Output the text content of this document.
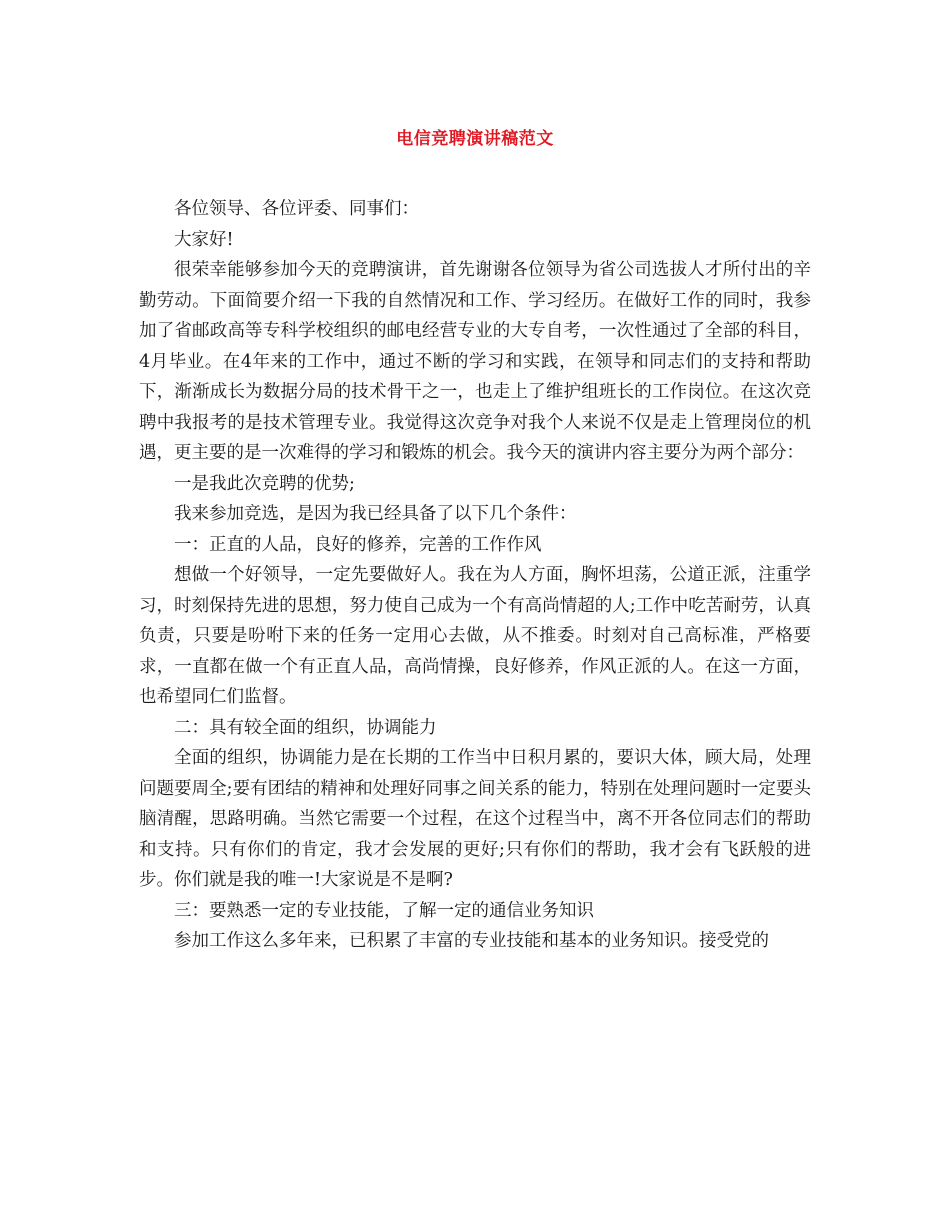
电信竞聘演讲稿范文

各位领导、各位评委、同事们：

大家好!

很荣幸能够参加今天的竞聘演讲，首先谢谢各位领导为省公司选拔人才所付出的辛勤劳动。下面简要介绍一下我的自然情况和工作、学习经历。在做好工作的同时，我参加了省邮政高等专科学校组织的邮电经营专业的大专自考，一次性通过了全部的科目，4月毕业。在4年来的工作中，通过不断的学习和实践，在领导和同志们的支持和帮助下，渐渐成长为数据分局的技术骨干之一，也走上了维护组班长的工作岗位。在这次竞聘中我报考的是技术管理专业。我觉得这次竞争对我个人来说不仅是走上管理岗位的机遇，更主要的是一次难得的学习和锻炼的机会。我今天的演讲内容主要分为两个部分：

一是我此次竞聘的优势;

我来参加竞选，是因为我已经具备了以下几个条件：

一：正直的人品，良好的修养，完善的工作作风

想做一个好领导，一定先要做好人。我在为人方面，胸怀坦荡，公道正派，注重学习，时刻保持先进的思想，努力使自己成为一个有高尚情超的人;工作中吃苦耐劳，认真负责，只要是吩咐下来的任务一定用心去做，从不推委。时刻对自己高标准，严格要求，一直都在做一个有正直人品，高尚情操，良好修养，作风正派的人。在这一方面，也希望同仁们监督。

二：具有较全面的组织，协调能力

全面的组织，协调能力是在长期的工作当中日积月累的，要识大体，顾大局，处理问题要周全;要有团结的精神和处理好同事之间关系的能力，特别在处理问题时一定要头脑清醒，思路明确。当然它需要一个过程，在这个过程当中，离不开各位同志们的帮助和支持。只有你们的肯定，我才会发展的更好;只有你们的帮助，我才会有飞跃般的进步。你们就是我的唯一!大家说是不是啊?

三：要熟悉一定的专业技能，了解一定的通信业务知识

参加工作这么多年来，已积累了丰富的专业技能和基本的业务知识。接受党的
